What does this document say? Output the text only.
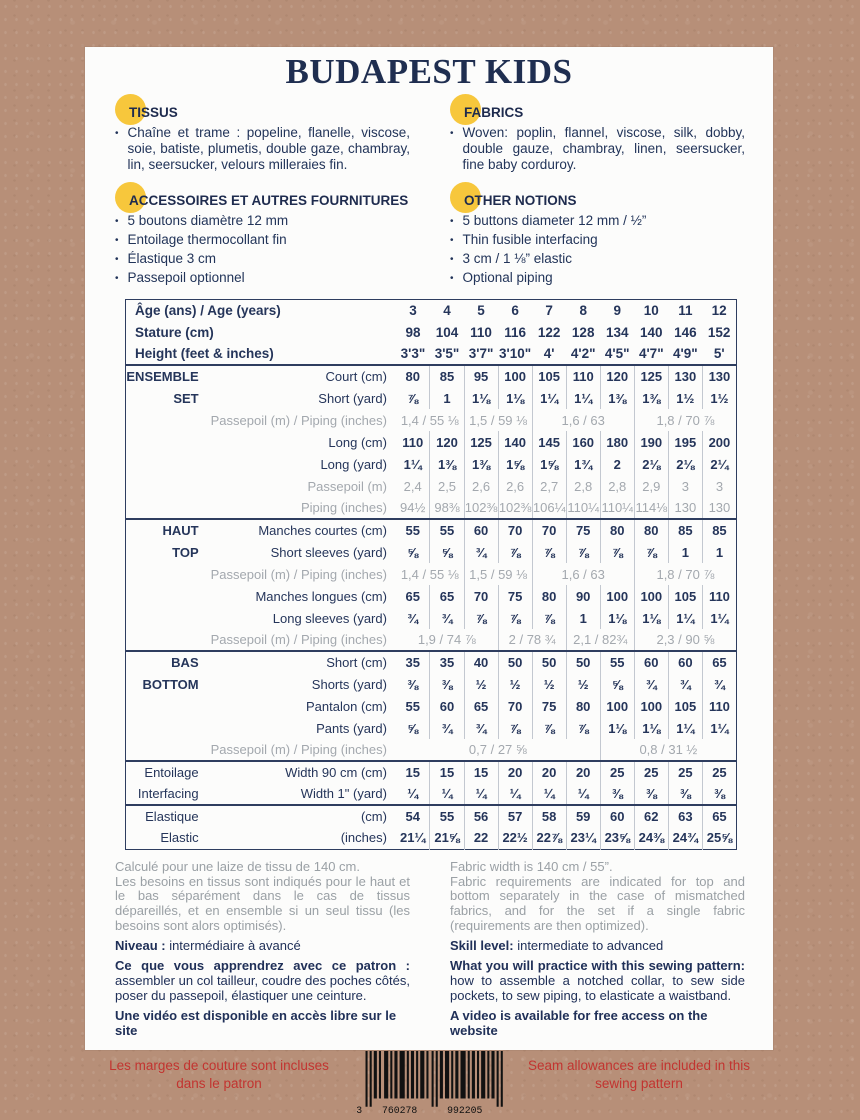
BUDAPEST KIDS
TISSUS
• Chaîne et trame : popeline, flanelle, viscose, soie, batiste, plumetis, double gaze, chambray, lin, seersucker, velours milleraies fin.
FABRICS
• Woven: poplin, flannel, viscose, silk, dobby, double gauze, chambray, linen, seersucker, fine baby corduroy.
ACCESSOIRES ET AUTRES FOURNITURES
• 5 boutons diamètre 12 mm
• Entoilage thermocollant fin
• Élastique 3 cm
• Passepoil optionnel
OTHER NOTIONS
• 5 buttons diameter 12 mm / ½”
• Thin fusible interfacing
• 3 cm / 1 ⅛” elastic
• Optional piping
Âge (ans) / Age (years)		3	4	5	6	7	8	9	10	11	12
Stature (cm)		98	104	110	116	122	128	134	140	146	152
Height (feet & inches)		3'3"	3'5"	3'7"	3'10"	4'	4'2"	4'5"	4'7"	4'9"	5'
ENSEMBLE	Court (cm)	80	85	95	100	105	110	120	125	130	130
SET	Short (yard)	⅞	1	1⅛	1⅛	1¼	1¼	1⅜	1⅜	1½	1½
Passepoil (m) / Piping (inches)		1,4 / 55 ⅛		1,5 / 59 ⅛		1,6 / 63			1,8 / 70 ⅞		
Long (cm)		110	120	125	140	145	160	180	190	195	200
Long (yard)		1¼	1⅜	1⅜	1⅝	1⅝	1¾	2	2⅛	2⅛	2¼
Passepoil (m)		2,4	2,5	2,6	2,6	2,7	2,8	2,8	2,9	3	3
Piping (inches)		94½	98⅜	102⅜	102⅜	106¼	110¼	110¼	114⅛	130	130
HAUT	Manches courtes (cm)	55	55	60	70	70	75	80	80	85	85
TOP	Short sleeves (yard)	⅝	⅝	¾	⅞	⅞	⅞	⅞	⅞	1	1
Passepoil (m) / Piping (inches)		1,4 / 55 ⅛		1,5 / 59 ⅛		1,6 / 63			1,8 / 70 ⅞		
Manches longues (cm)		65	65	70	75	80	90	100	100	105	110
Long sleeves (yard)		¾	¾	⅞	⅞	⅞	1	1⅛	1⅛	1¼	1¼
Passepoil (m) / Piping (inches)		1,9 / 74 ⅞			2 / 78 ¾		2,1 / 82¾		2,3 / 90 ⅝		
BAS	Short (cm)	35	35	40	50	50	50	55	60	60	65
BOTTOM	Shorts (yard)	⅜	⅜	½	½	½	½	⅝	¾	¾	¾
Pantalon (cm)		55	60	65	70	75	80	100	100	105	110
Pants (yard)		⅝	¾	¾	⅞	⅞	⅞	1⅛	1⅛	1¼	1¼
Passepoil (m) / Piping (inches)		0,7 / 27 ⅝						0,8 / 31 ½			
Entoilage	Width 90 cm (cm)	15	15	15	20	20	20	25	25	25	25
Interfacing	Width 1" (yard)	¼	¼	¼	¼	¼	¼	⅜	⅜	⅜	⅜
Elastique	(cm)	54	55	56	57	58	59	60	62	63	65
Elastic	(inches)	21¼	21⅝	22	22½	22⅞	23¼	23⅝	24⅜	24¾	25⅝

Calculé pour une laize de tissu de 140 cm.

Les besoins en tissus sont indiqués pour le haut et le bas séparément dans le cas de tissus dépareillés, et en ensemble si un seul tissu (les besoins sont alors optimisés).

Niveau : intermédiaire à avancé

Ce que vous apprendrez avec ce patron : assembler un col tailleur, coudre des poches côtés, poser du passepoil, élastiquer une ceinture.

Une vidéo est disponible en accès libre sur le site

Fabric width is 140 cm / 55”.

Fabric requirements are indicated for top and bottom separately in the case of mismatched fabrics, and for the set if a single fabric (requirements are then optimized).

Skill level: intermediate to advanced

What you will practice with this sewing pattern: how to assemble a notched collar, to sew side pockets, to sew piping, to elasticate a waistband.

A video is available for free access on the website

Les marges de couture sont incluses dans le patron
3 760278	992205
Seam allowances are included in this sewing pattern
